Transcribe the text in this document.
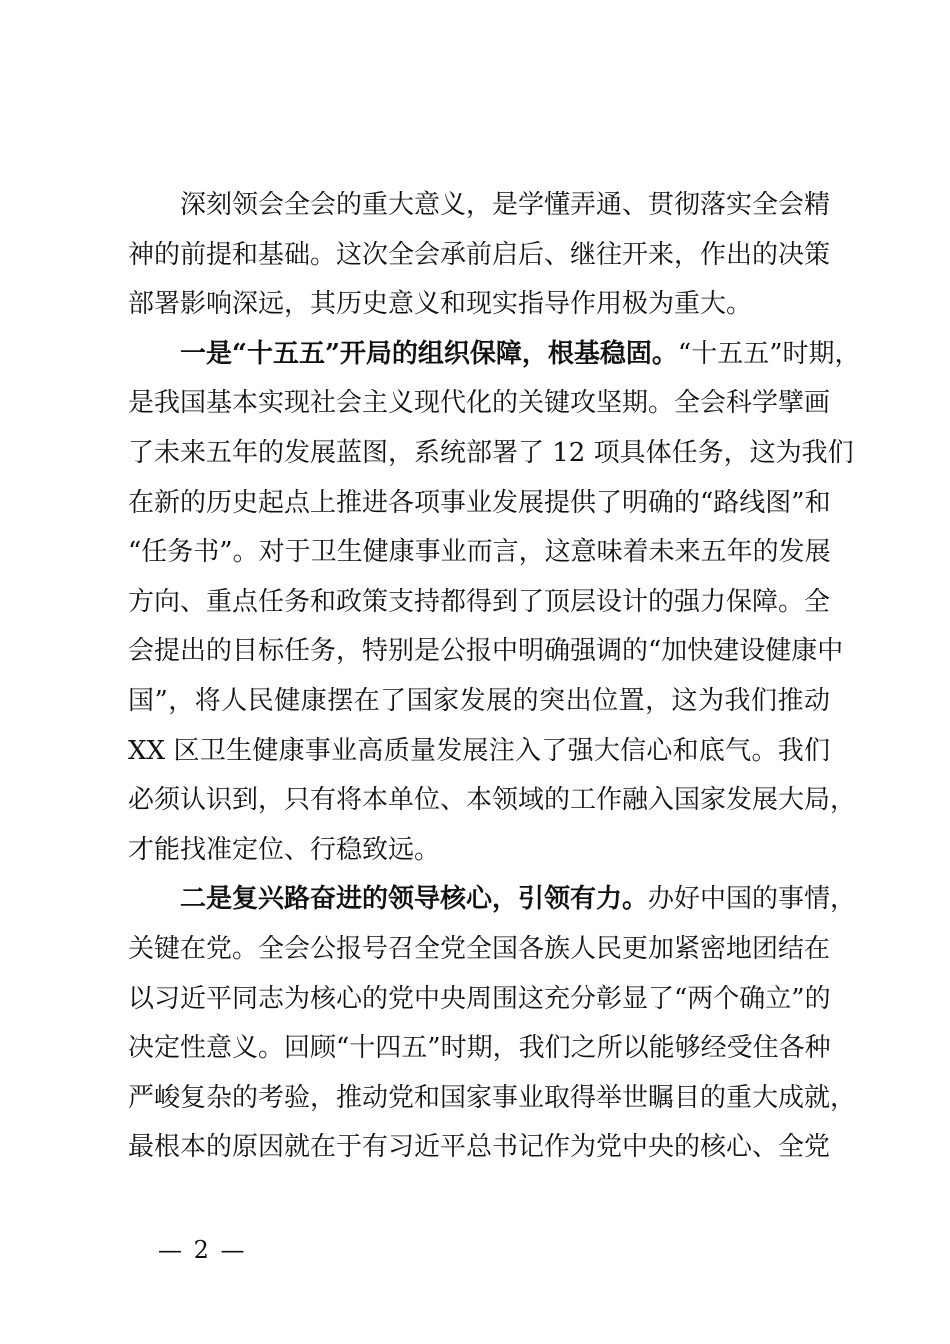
深刻领会全会的重大意义，是学懂弄通、贯彻落实全会精
神的前提和基础。这次全会承前启后、继往开来，作出的决策
部署影响深远，其历史意义和现实指导作用极为重大。
一是“十五五”开局的组织保障，根基稳固。“十五五”时期，
是我国基本实现社会主义现代化的关键攻坚期。全会科学擘画
了未来五年的发展蓝图，系统部署了 12 项具体任务，这为我们
在新的历史起点上推进各项事业发展提供了明确的“路线图”和
“任务书”。对于卫生健康事业而言，这意味着未来五年的发展
方向、重点任务和政策支持都得到了顶层设计的强力保障。全
会提出的目标任务，特别是公报中明确强调的“加快建设健康中
国”，将人民健康摆在了国家发展的突出位置，这为我们推动
XX 区卫生健康事业高质量发展注入了强大信心和底气。我们
必须认识到，只有将本单位、本领域的工作融入国家发展大局，
才能找准定位、行稳致远。
二是复兴路奋进的领导核心，引领有力。办好中国的事情，
关键在党。全会公报号召全党全国各族人民更加紧密地团结在
以习近平同志为核心的党中央周围这充分彰显了“两个确立”的
决定性意义。回顾“十四五”时期，我们之所以能够经受住各种
严峻复杂的考验，推动党和国家事业取得举世瞩目的重大成就，
最根本的原因就在于有习近平总书记作为党中央的核心、全党
— 2 —
